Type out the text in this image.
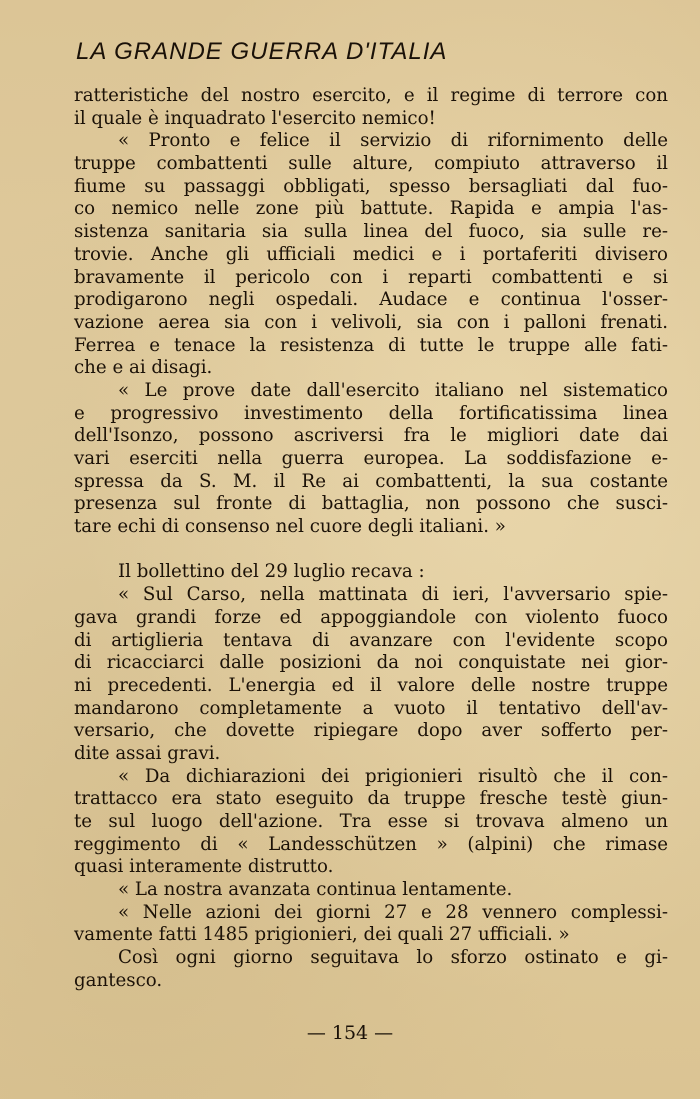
LA GRANDE GUERRA D'ITALIA
ratteristiche del nostro esercito, e il regime di terrore con
il quale è inquadrato l'esercito nemico!
« Pronto e felice il servizio di rifornimento delle
truppe combattenti sulle alture, compiuto attraverso il
fiume su passaggi obbligati, spesso bersagliati dal fuo-
co nemico nelle zone più battute. Rapida e ampia l'as-
sistenza sanitaria sia sulla linea del fuoco, sia sulle re-
trovie. Anche gli ufficiali medici e i portaferiti divisero
bravamente il pericolo con i reparti combattenti e si
prodigarono negli ospedali. Audace e continua l'osser-
vazione aerea sia con i velivoli, sia con i palloni frenati.
Ferrea e tenace la resistenza di tutte le truppe alle fati-
che e ai disagi.
« Le prove date dall'esercito italiano nel sistematico
e progressivo investimento della fortificatissima linea
dell'Isonzo, possono ascriversi fra le migliori date dai
vari eserciti nella guerra europea. La soddisfazione e-
spressa da S. M. il Re ai combattenti, la sua costante
presenza sul fronte di battaglia, non possono che susci-
tare echi di consenso nel cuore degli italiani. »
Il bollettino del 29 luglio recava :
« Sul Carso, nella mattinata di ieri, l'avversario spie-
gava grandi forze ed appoggiandole con violento fuoco
di artiglieria tentava di avanzare con l'evidente scopo
di ricacciarci dalle posizioni da noi conquistate nei gior-
ni precedenti. L'energia ed il valore delle nostre truppe
mandarono completamente a vuoto il tentativo dell'av-
versario, che dovette ripiegare dopo aver sofferto per-
dite assai gravi.
« Da dichiarazioni dei prigionieri risultò che il con-
trattacco era stato eseguito da truppe fresche testè giun-
te sul luogo dell'azione. Tra esse si trovava almeno un
reggimento di « Landesschützen » (alpini) che rimase
quasi interamente distrutto.
« La nostra avanzata continua lentamente.
« Nelle azioni dei giorni 27 e 28 vennero complessi-
vamente fatti 1485 prigionieri, dei quali 27 ufficiali. »
Così ogni giorno seguitava lo sforzo ostinato e gi-
gantesco.
— 154 —
